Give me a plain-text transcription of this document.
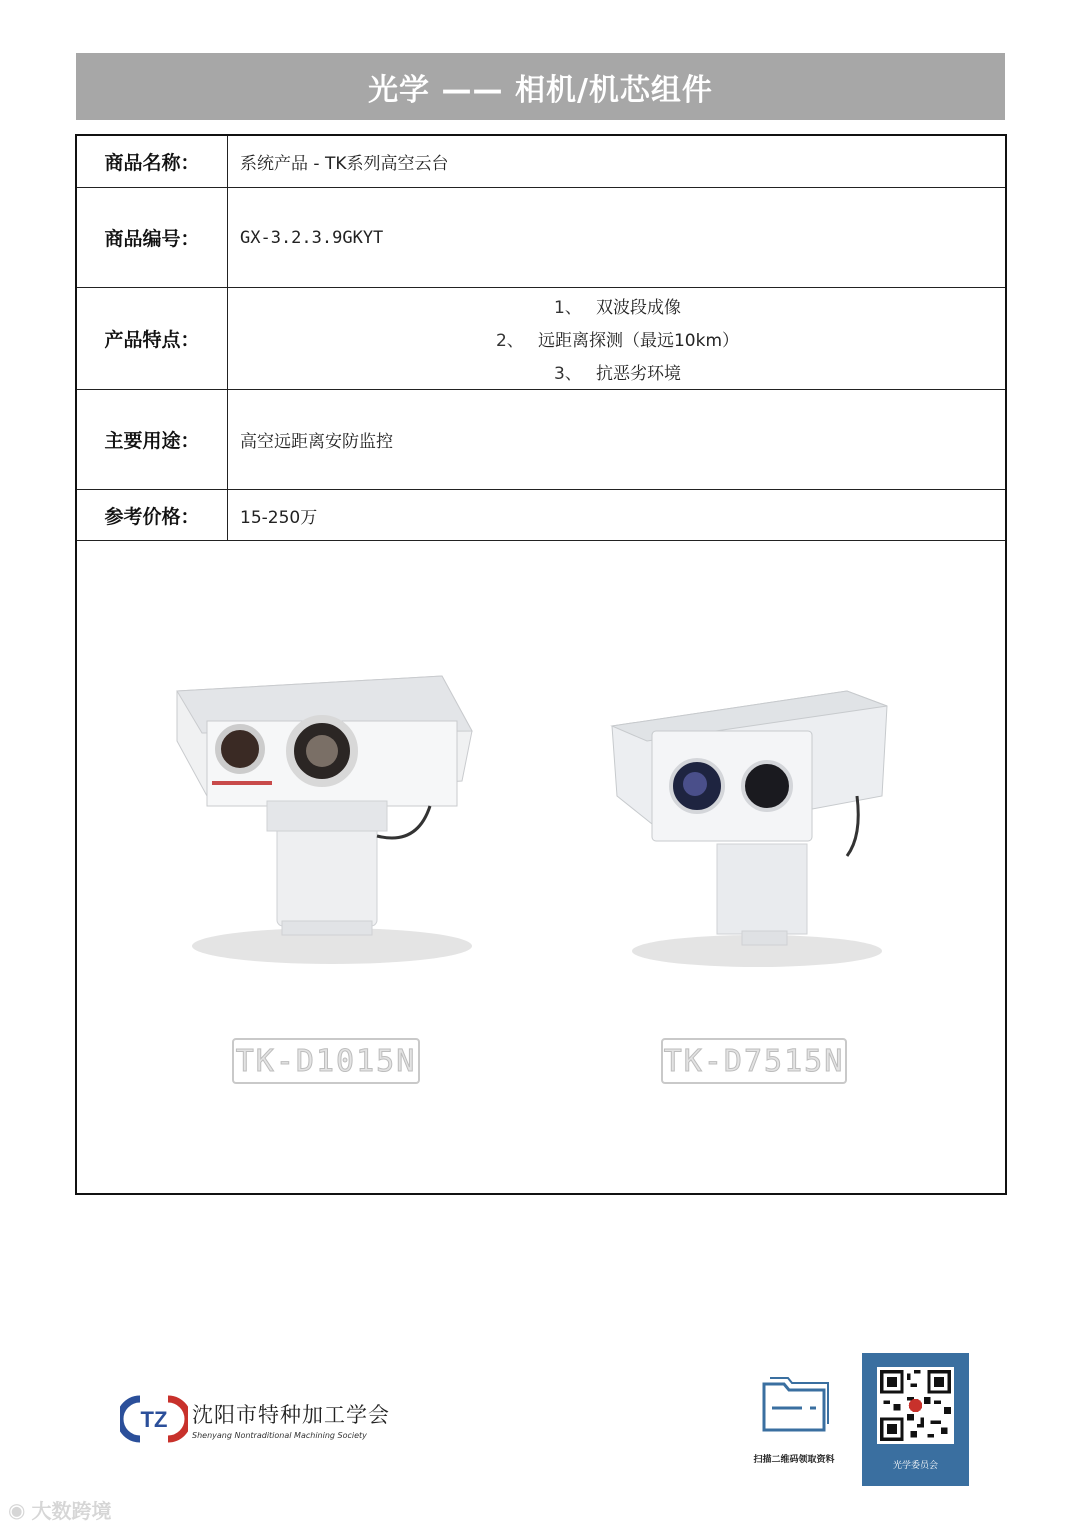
光学 —— 相机/机芯组件
商品名称：	系统产品 - TK系列高空云台
商品编号：	GX-3.2.3.9GKYT
产品特点：
1、 双波段成像
2、 远距离探测（最远10km）
3、 抗恶劣环境
主要用途：	高空远距离安防监控
参考价格：	15-250万
TK-D1015N	TK-D7515N
TZ 沈阳市特种加工学会
Shenyang Nontraditional Machining Society
扫描二维码领取资料
光学委员会
◉ 大数跨境
